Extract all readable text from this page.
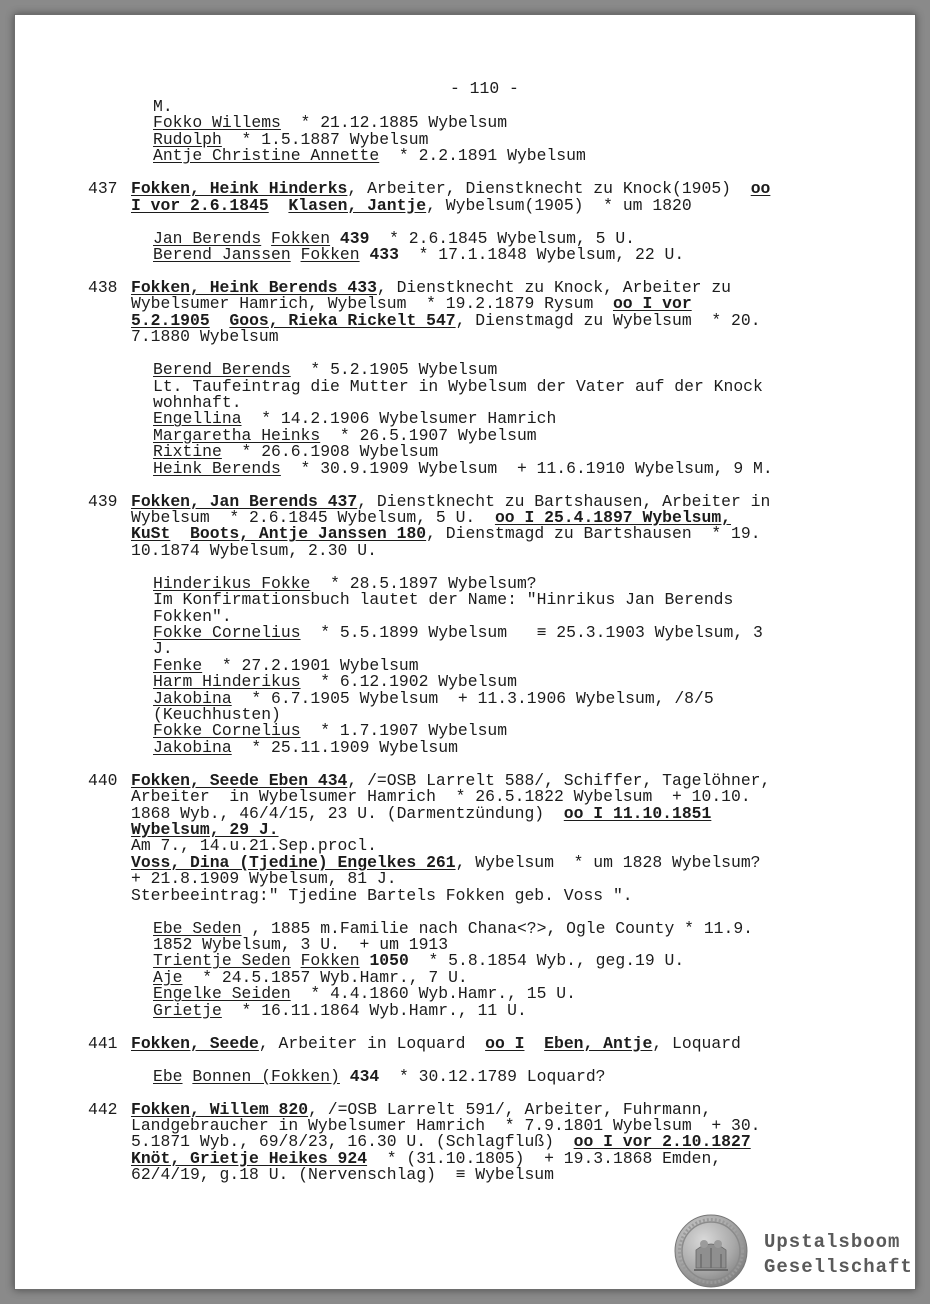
- 110 -
M.
Fokko Willems  * 21.12.1885 Wybelsum
Rudolph  * 1.5.1887 Wybelsum
Antje Christine Annette  * 2.2.1891 Wybelsum
437 Fokken, Heink Hinderks, Arbeiter, Dienstknecht zu Knock(1905)  oo
I vor 2.6.1845 Klasen, Jantje, Wybelsum(1905)  * um 1820
Jan Berends Fokken 439  * 2.6.1845 Wybelsum, 5 U.
Berend Janssen Fokken 433  * 17.1.1848 Wybelsum, 22 U.
438 Fokken, Heink Berends 433, Dienstknecht zu Knock, Arbeiter zu
Wybelsumer Hamrich, Wybelsum  * 19.2.1879 Rysum  oo I vor
5.2.1905 Goos, Rieka Rickelt 547, Dienstmagd zu Wybelsum  * 20.
7.1880 Wybelsum
Berend Berends  * 5.2.1905 Wybelsum
Lt. Taufeintrag die Mutter in Wybelsum der Vater auf der Knock
wohnhaft.
Engellina  * 14.2.1906 Wybelsumer Hamrich
Margaretha Heinks  * 26.5.1907 Wybelsum
Rixtine  * 26.6.1908 Wybelsum
Heink Berends  * 30.9.1909 Wybelsum  + 11.6.1910 Wybelsum, 9 M.
439 Fokken, Jan Berends 437, Dienstknecht zu Bartshausen, Arbeiter in
Wybelsum  * 2.6.1845 Wybelsum, 5 U.  oo I 25.4.1897 Wybelsum,
KuSt Boots, Antje Janssen 180, Dienstmagd zu Bartshausen  * 19.
10.1874 Wybelsum, 2.30 U.
Hinderikus Fokke  * 28.5.1897 Wybelsum?
Im Konfirmationsbuch lautet der Name: "Hinrikus Jan Berends
Fokken".
Fokke Cornelius  * 5.5.1899 Wybelsum   ≡ 25.3.1903 Wybelsum, 3
J.
Fenke  * 27.2.1901 Wybelsum
Harm Hinderikus  * 6.12.1902 Wybelsum
Jakobina  * 6.7.1905 Wybelsum  + 11.3.1906 Wybelsum, /8/5
(Keuchhusten)
Fokke Cornelius  * 1.7.1907 Wybelsum
Jakobina  * 25.11.1909 Wybelsum
440 Fokken, Seede Eben 434, /=OSB Larrelt 588/, Schiffer, Tagelöhner,
Arbeiter  in Wybelsumer Hamrich  * 26.5.1822 Wybelsum  + 10.10.
1868 Wyb., 46/4/15, 23 U. (Darmentzündung)  oo I 11.10.1851
Wybelsum, 29 J.
Am 7., 14.u.21.Sep.procl.
Voss, Dina (Tjedine) Engelkes 261, Wybelsum  * um 1828 Wybelsum?
+ 21.8.1909 Wybelsum, 81 J.
Sterbeeintrag:" Tjedine Bartels Fokken geb. Voss ".
Ebe Seden , 1885 m.Familie nach Chana<?>, Ogle County * 11.9.
1852 Wybelsum, 3 U.  + um 1913
Trientje Seden Fokken 1050  * 5.8.1854 Wyb., geg.19 U.
Aje  * 24.5.1857 Wyb.Hamr., 7 U.
Engelke Seiden  * 4.4.1860 Wyb.Hamr., 15 U.
Grietje  * 16.11.1864 Wyb.Hamr., 11 U.
441 Fokken, Seede, Arbeiter in Loquard  oo I Eben, Antje, Loquard
Ebe Bonnen (Fokken) 434  * 30.12.1789 Loquard?
442 Fokken, Willem 820, /=OSB Larrelt 591/, Arbeiter, Fuhrmann,
Landgebraucher in Wybelsumer Hamrich  * 7.9.1801 Wybelsum  + 30.
5.1871 Wyb., 69/8/23, 16.30 U. (Schlagfluß)  oo I vor 2.10.1827
Knöt, Grietje Heikes 924  * (31.10.1805)  + 19.3.1868 Emden,
62/4/19, g.18 U. (Nervenschlag)  ≡ Wybelsum
Upstalsboom
Gesellschaft
